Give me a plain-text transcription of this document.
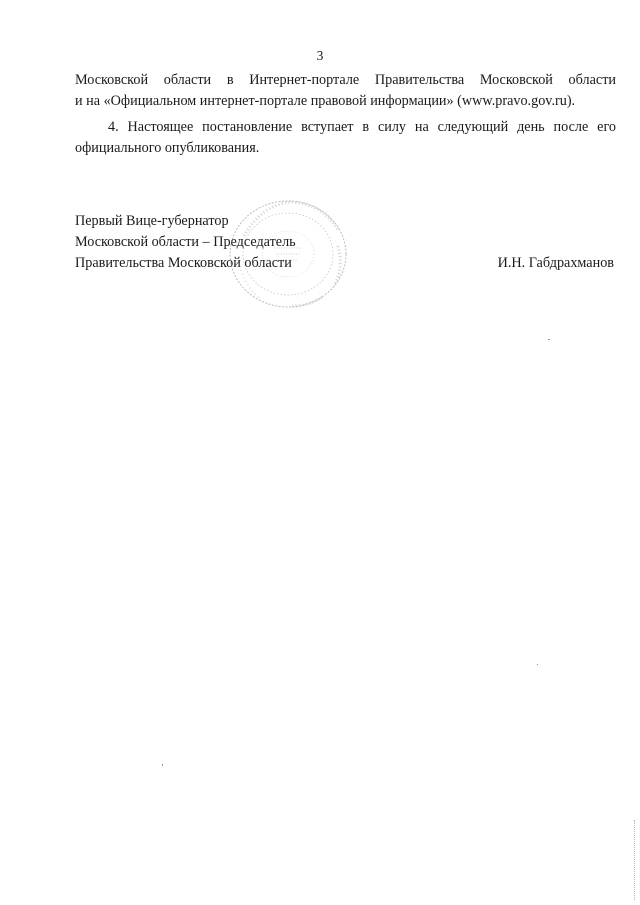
3
Московской области в Интернет-портале Правительства Московской области
и на «Официальном интернет-портале правовой информации» (www.pravo.gov.ru).
4. Настоящее постановление вступает в силу на следующий день после его
официального опубликования.
Первый Вице-губернатор
Московской области – Председатель
Правительства Московской области	И.Н. Габдрахманов
